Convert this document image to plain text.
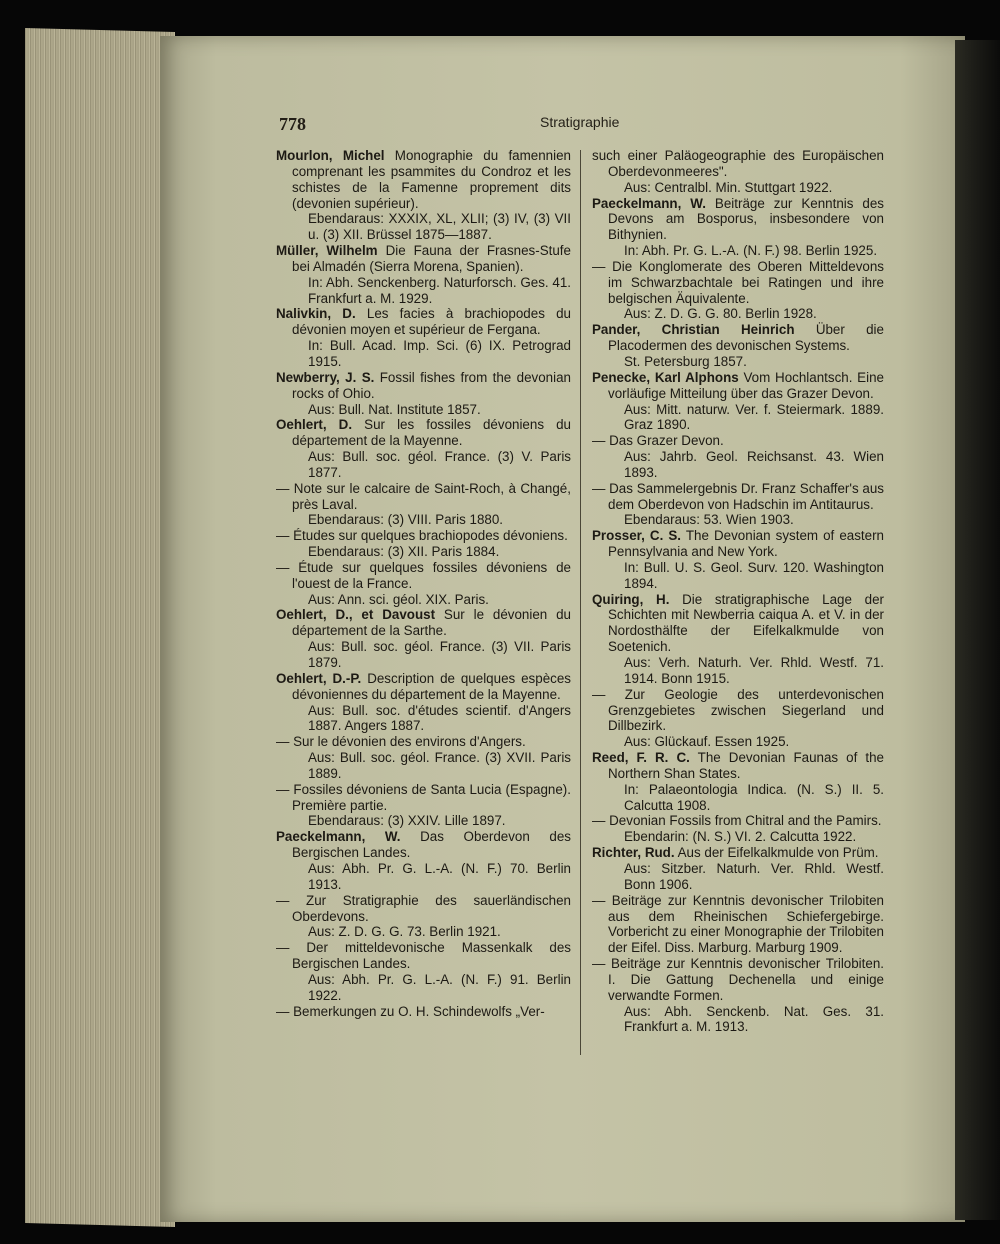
778	Stratigraphie
Mourlon, Michel Monographie du famennien comprenant les psammites du Condroz et les schistes de la Famenne proprement dits (devonien supérieur).
Ebendaraus: XXXIX, XL, XLII; (3) IV, (3) VII u. (3) XII. Brüssel 1875—1887.
Müller, Wilhelm Die Fauna der Frasnes-Stufe bei Almadén (Sierra Morena, Spanien).
In: Abh. Senckenberg. Naturforsch. Ges. 41. Frankfurt a. M. 1929.
Nalivkin, D. Les facies à brachiopodes du dévonien moyen et supérieur de Fergana.
In: Bull. Acad. Imp. Sci. (6) IX. Petrograd 1915.
Newberry, J. S. Fossil fishes from the devonian rocks of Ohio.
Aus: Bull. Nat. Institute 1857.
Oehlert, D. Sur les fossiles dévoniens du département de la Mayenne.
Aus: Bull. soc. géol. France. (3) V. Paris 1877.
— Note sur le calcaire de Saint-Roch, à Changé, près Laval.
Ebendaraus: (3) VIII. Paris 1880.
— Études sur quelques brachiopodes dévoniens.
Ebendaraus: (3) XII. Paris 1884.
— Étude sur quelques fossiles dévoniens de l'ouest de la France.
Aus: Ann. sci. géol. XIX. Paris.
Oehlert, D., et Davoust Sur le dévonien du département de la Sarthe.
Aus: Bull. soc. géol. France. (3) VII. Paris 1879.
Oehlert, D.-P. Description de quelques espèces dévoniennes du département de la Mayenne.
Aus: Bull. soc. d'études scientif. d'Angers 1887. Angers 1887.
— Sur le dévonien des environs d'Angers.
Aus: Bull. soc. géol. France. (3) XVII. Paris 1889.
— Fossiles dévoniens de Santa Lucia (Espagne). Première partie.
Ebendaraus: (3) XXIV. Lille 1897.
Paeckelmann, W. Das Oberdevon des Bergischen Landes.
Aus: Abh. Pr. G. L.-A. (N. F.) 70. Berlin 1913.
— Zur Stratigraphie des sauerländischen Oberdevons.
Aus: Z. D. G. G. 73. Berlin 1921.
— Der mitteldevonische Massenkalk des Bergischen Landes.
Aus: Abh. Pr. G. L.-A. (N. F.) 91. Berlin 1922.
— Bemerkungen zu O. H. Schindewolfs „Ver-
such einer Paläogeographie des Europäischen Oberdevonmeeres".
Aus: Centralbl. Min. Stuttgart 1922.
Paeckelmann, W. Beiträge zur Kenntnis des Devons am Bosporus, insbesondere von Bithynien.
In: Abh. Pr. G. L.-A. (N. F.) 98. Berlin 1925.
— Die Konglomerate des Oberen Mitteldevons im Schwarzbachtale bei Ratingen und ihre belgischen Äquivalente.
Aus: Z. D. G. G. 80. Berlin 1928.
Pander, Christian Heinrich Über die Placodermen des devonischen Systems.
St. Petersburg 1857.
Penecke, Karl Alphons Vom Hochlantsch. Eine vorläufige Mitteilung über das Grazer Devon.
Aus: Mitt. naturw. Ver. f. Steiermark. 1889. Graz 1890.
— Das Grazer Devon.
Aus: Jahrb. Geol. Reichsanst. 43. Wien 1893.
— Das Sammelergebnis Dr. Franz Schaffer's aus dem Oberdevon von Hadschin im Antitaurus.
Ebendaraus: 53. Wien 1903.
Prosser, C. S. The Devonian system of eastern Pennsylvania and New York.
In: Bull. U. S. Geol. Surv. 120. Washington 1894.
Quiring, H. Die stratigraphische Lage der Schichten mit Newberria caiqua A. et V. in der Nordosthälfte der Eifelkalkmulde von Soetenich.
Aus: Verh. Naturh. Ver. Rhld. Westf. 71. 1914. Bonn 1915.
— Zur Geologie des unterdevonischen Grenzgebietes zwischen Siegerland und Dillbezirk.
Aus: Glückauf. Essen 1925.
Reed, F. R. C. The Devonian Faunas of the Northern Shan States.
In: Palaeontologia Indica. (N. S.) II. 5. Calcutta 1908.
— Devonian Fossils from Chitral and the Pamirs.
Ebendarin: (N. S.) VI. 2. Calcutta 1922.
Richter, Rud. Aus der Eifelkalkmulde von Prüm.
Aus: Sitzber. Naturh. Ver. Rhld. Westf. Bonn 1906.
— Beiträge zur Kenntnis devonischer Trilobiten aus dem Rheinischen Schiefergebirge. Vorbericht zu einer Monographie der Trilobiten der Eifel. Diss. Marburg. Marburg 1909.
— Beiträge zur Kenntnis devonischer Trilobiten. I. Die Gattung Dechenella und einige verwandte Formen.
Aus: Abh. Senckenb. Nat. Ges. 31. Frankfurt a. M. 1913.
